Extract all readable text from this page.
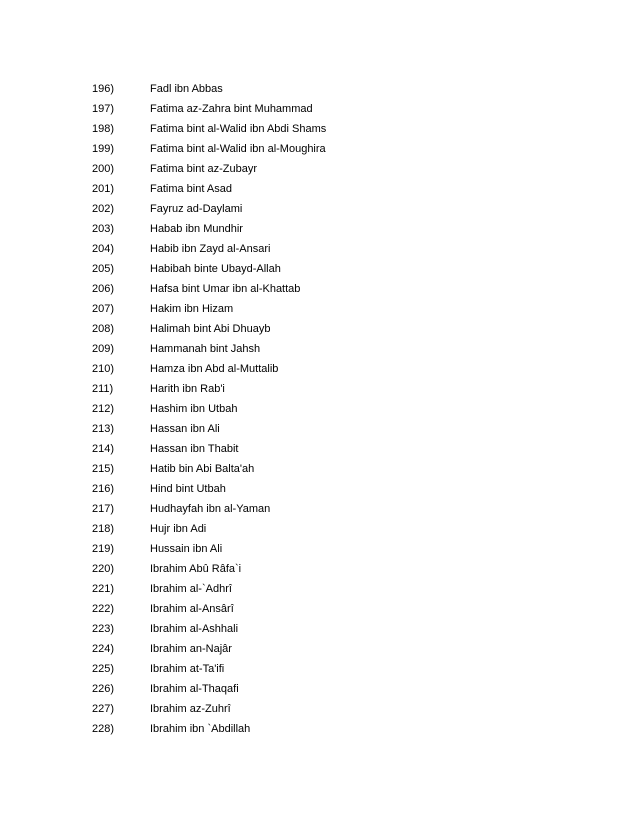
196)	Fadl ibn Abbas
197)	Fatima az-Zahra bint Muhammad
198)	Fatima bint al-Walid ibn Abdi Shams
199)	Fatima bint al-Walid ibn al-Moughira
200)	Fatima bint az-Zubayr
201)	Fatima bint Asad
202)	Fayruz ad-Daylami
203)	Habab ibn Mundhir
204)	Habib ibn Zayd al-Ansari
205)	Habibah binte Ubayd-Allah
206)	Hafsa bint Umar ibn al-Khattab
207)	Hakim ibn Hizam
208)	Halimah bint Abi Dhuayb
209)	Hammanah bint Jahsh
210)	Hamza ibn Abd al-Muttalib
211)	Harith ibn Rab'i
212)	Hashim ibn Utbah
213)	Hassan ibn Ali
214)	Hassan ibn Thabit
215)	Hatib bin Abi Balta'ah
216)	Hind bint Utbah
217)	Hudhayfah ibn al-Yaman
218)	Hujr ibn Adi
219)	Hussain ibn Ali
220)	Ibrahim Abû Râfa`i
221)	Ibrahim al-`Adhrî
222)	Ibrahim al-Ansârî
223)	Ibrahim al-Ashhali
224)	Ibrahim an-Najâr
225)	Ibrahim at-Ta'ifi
226)	Ibrahim al-Thaqafi
227)	Ibrahim az-Zuhrî
228)	Ibrahim ibn `Abdillah
